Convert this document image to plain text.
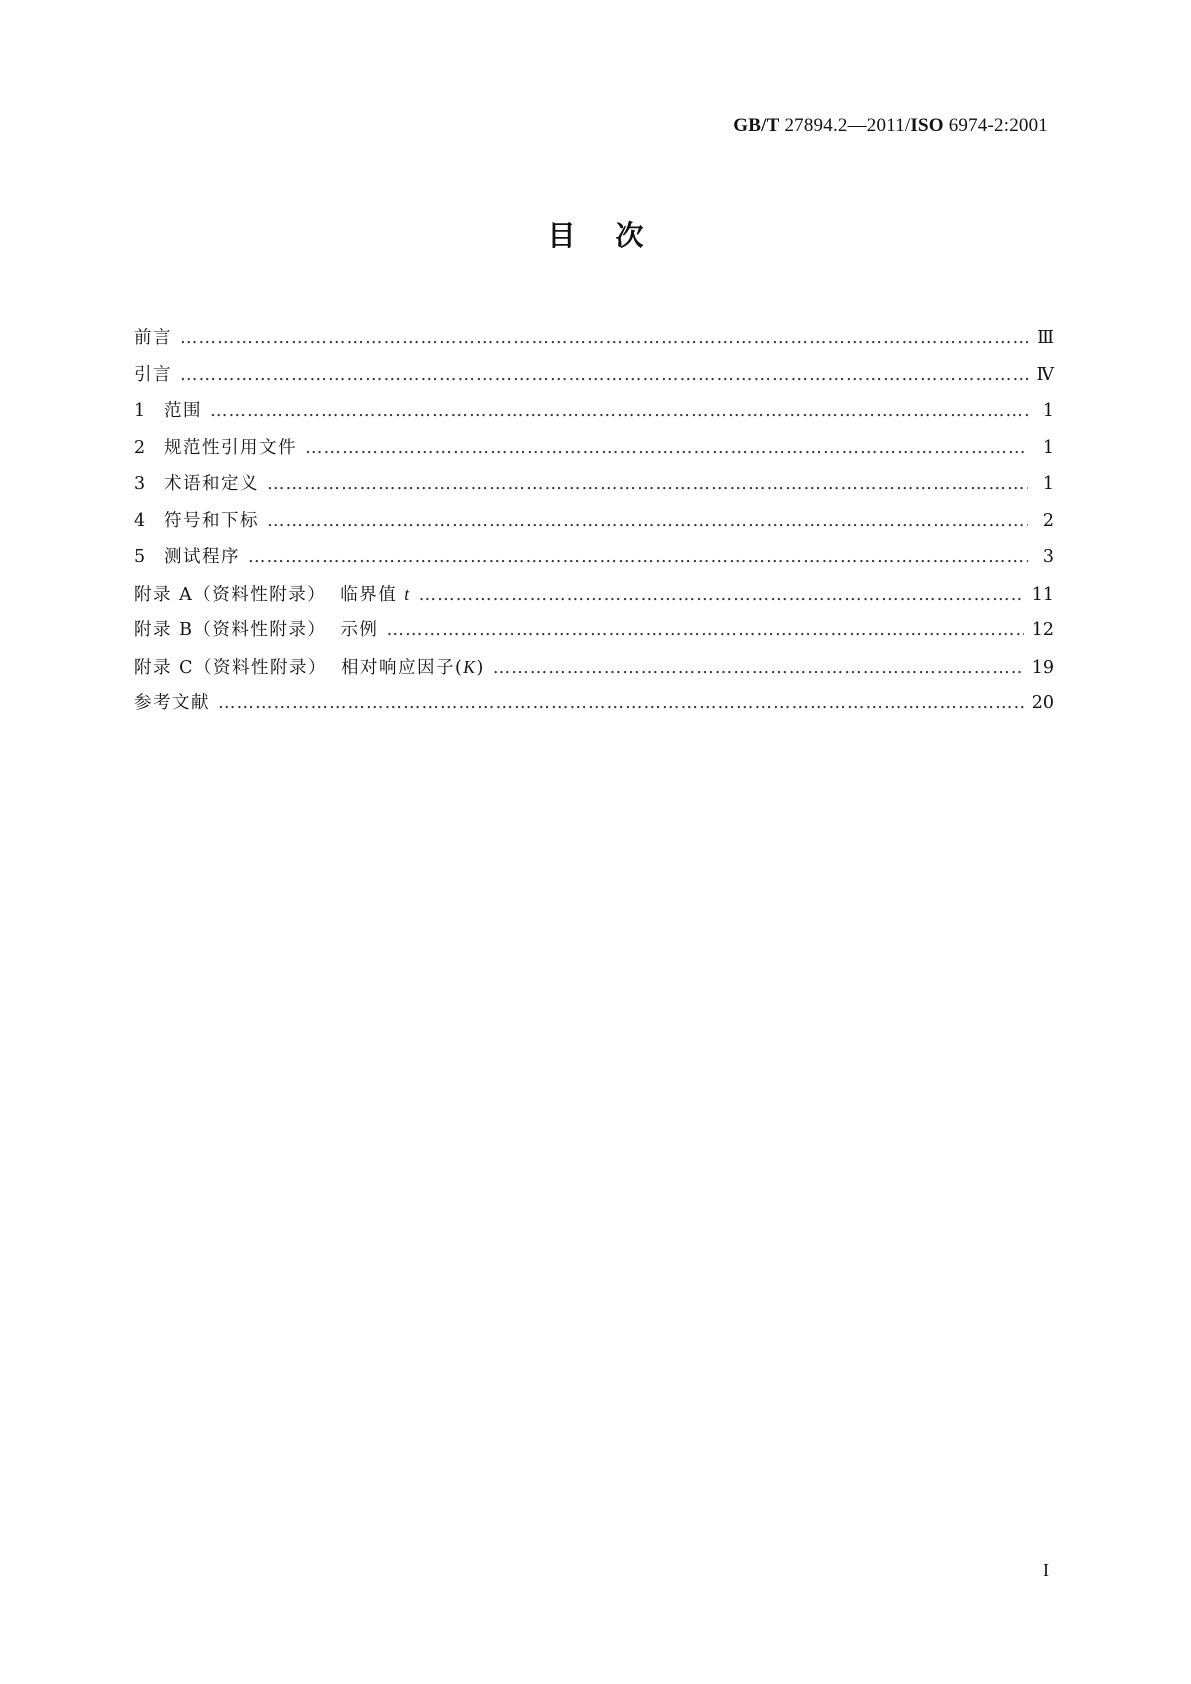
GB/T 27894.2—2011/ISO 6974-2:2001
目次
前言 …………………………………………………………………………………………………………………………………………………………………………………………………………………………	Ⅲ
引言 …………………………………………………………………………………………………………………………………………………………………………………………………………………………	Ⅳ
1	范围 …………………………………………………………………………………………………………………………………………………………………………………………………………………………	1
2	规范性引用文件 …………………………………………………………………………………………………………………………………………………………………………………………………………………………	1
3	术语和定义 …………………………………………………………………………………………………………………………………………………………………………………………………………………………	1
4	符号和下标 …………………………………………………………………………………………………………………………………………………………………………………………………………………………	2
5	测试程序 …………………………………………………………………………………………………………………………………………………………………………………………………………………………	3
附录 A（资料性附录） 临界值 t …………………………………………………………………………………………………………………………………………………………………………………………………………………………	11
附录 B（资料性附录） 示例 …………………………………………………………………………………………………………………………………………………………………………………………………………………………	12
附录 C（资料性附录） 相对响应因子(K) …………………………………………………………………………………………………………………………………………………………………………………………………………………………	19
参考文献 …………………………………………………………………………………………………………………………………………………………………………………………………………………………	20
I
